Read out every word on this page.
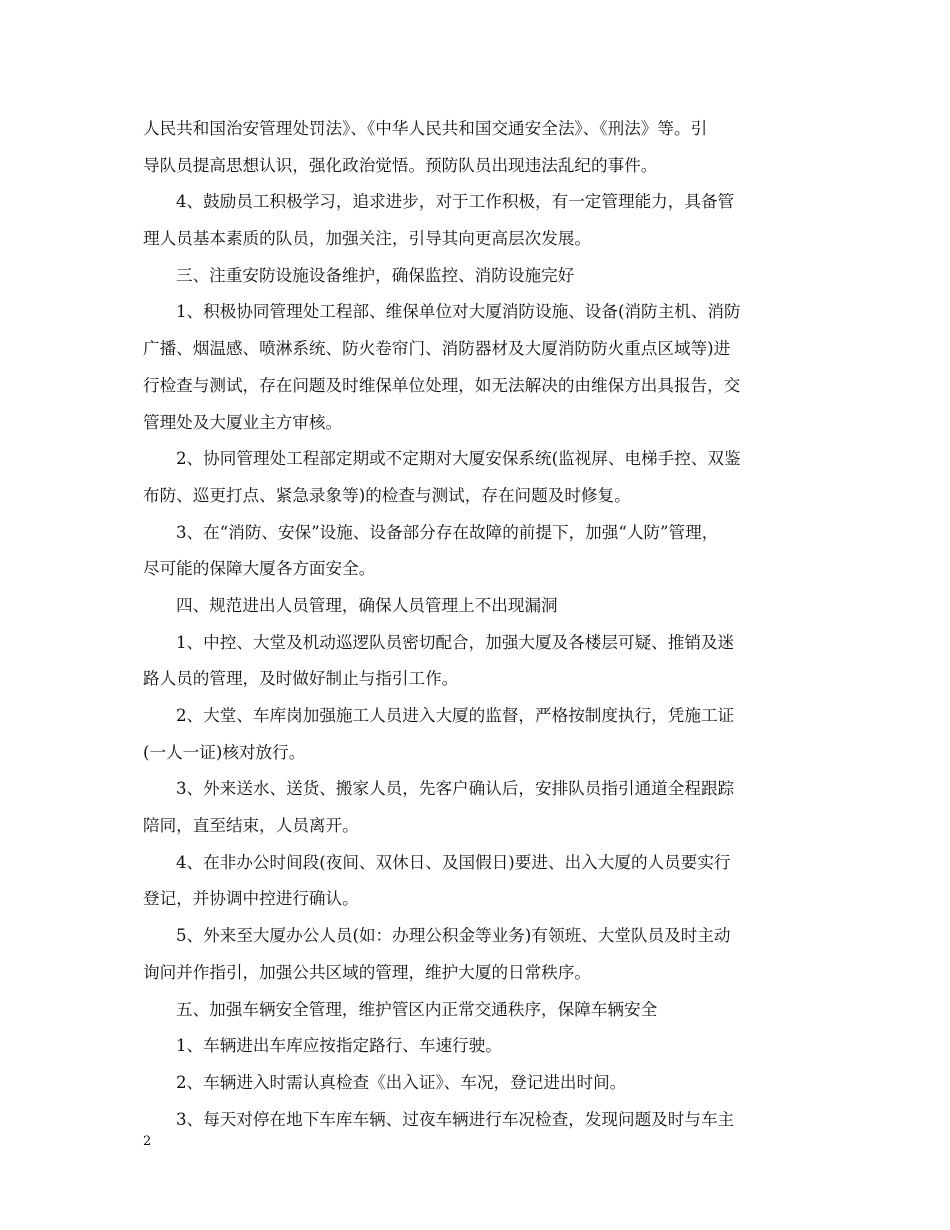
人民共和国治安管理处罚法》、《中华人民共和国交通安全法》、《刑法》等。引
导队员提高思想认识，强化政治觉悟。预防队员出现违法乱纪的事件。
4、鼓励员工积极学习，追求进步，对于工作积极，有一定管理能力，具备管
理人员基本素质的队员，加强关注，引导其向更高层次发展。
三、注重安防设施设备维护，确保监控、消防设施完好
1、积极协同管理处工程部、维保单位对大厦消防设施、设备(消防主机、消防
广播、烟温感、喷淋系统、防火卷帘门、消防器材及大厦消防防火重点区域等)进
行检查与测试，存在问题及时维保单位处理，如无法解决的由维保方出具报告，交
管理处及大厦业主方审核。
2、协同管理处工程部定期或不定期对大厦安保系统(监视屏、电梯手控、双鉴
布防、巡更打点、紧急录象等)的检查与测试，存在问题及时修复。
3、在“消防、安保”设施、设备部分存在故障的前提下，加强“人防”管理，
尽可能的保障大厦各方面安全。
四、规范进出人员管理，确保人员管理上不出现漏洞
1、中控、大堂及机动巡逻队员密切配合，加强大厦及各楼层可疑、推销及迷
路人员的管理，及时做好制止与指引工作。
2、大堂、车库岗加强施工人员进入大厦的监督，严格按制度执行，凭施工证
(一人一证)核对放行。
3、外来送水、送货、搬家人员，先客户确认后，安排队员指引通道全程跟踪
陪同，直至结束，人员离开。
4、在非办公时间段(夜间、双休日、及国假日)要进、出入大厦的人员要实行
登记，并协调中控进行确认。
5、外来至大厦办公人员(如：办理公积金等业务)有领班、大堂队员及时主动
询问并作指引，加强公共区域的管理，维护大厦的日常秩序。
五、加强车辆安全管理，维护管区内正常交通秩序，保障车辆安全
1、车辆进出车库应按指定路行、车速行驶。
2、车辆进入时需认真检查《出入证》、车况，登记进出时间。
3、每天对停在地下车库车辆、过夜车辆进行车况检查，发现问题及时与车主
2
